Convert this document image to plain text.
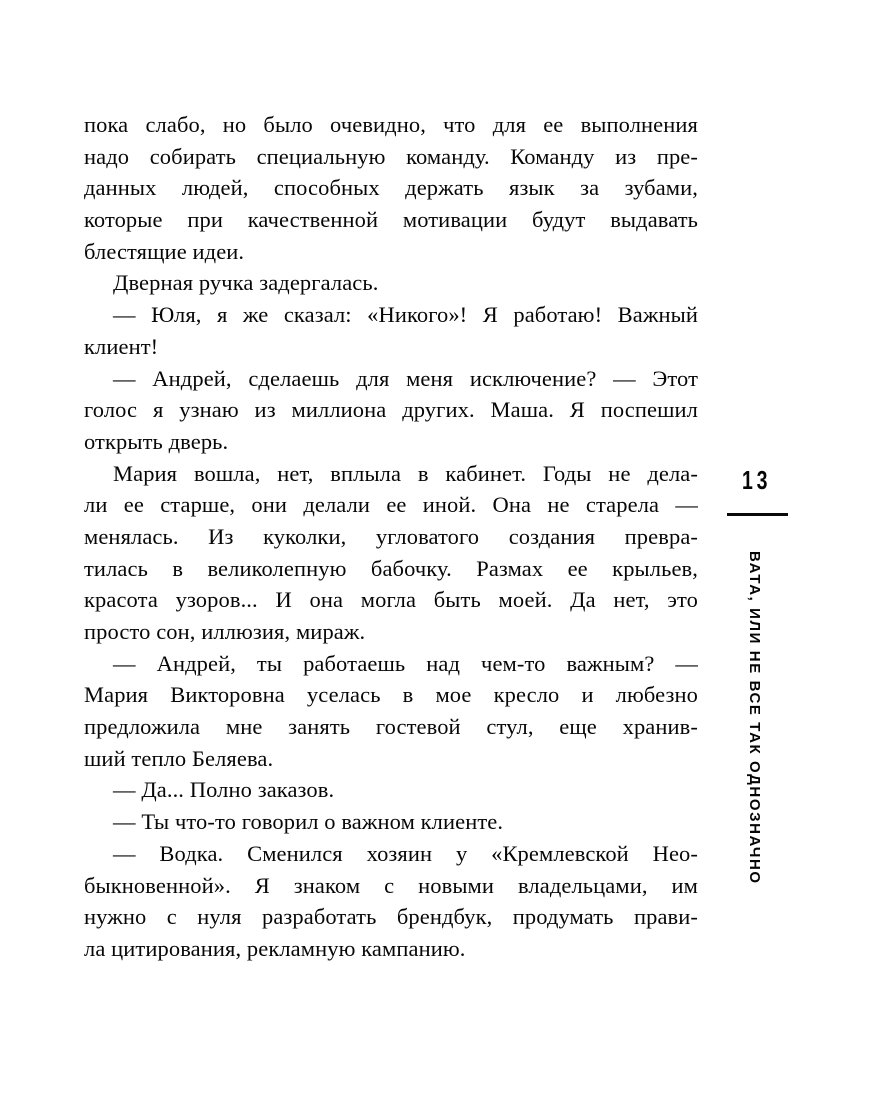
пока слабо, но было очевидно, что для ее выполнения
надо собирать специальную команду. Команду из пре-
данных людей, способных держать язык за зубами,
которые при качественной мотивации будут выдавать
блестящие идеи.
Дверная ручка задергалась.
— Юля, я же сказал: «Никого»! Я работаю! Важный
клиент!
— Андрей, сделаешь для меня исключение? — Этот
голос я узнаю из миллиона других. Маша. Я поспешил
открыть дверь.
Мария вошла, нет, вплыла в кабинет. Годы не дела-
ли ее старше, они делали ее иной. Она не старела —
менялась. Из куколки, угловатого создания превра-
тилась в великолепную бабочку. Размах ее крыльев,
красота узоров... И она могла быть моей. Да нет, это
просто сон, иллюзия, мираж.
— Андрей, ты работаешь над чем-то важным? —
Мария Викторовна уселась в мое кресло и любезно
предложила мне занять гостевой стул, еще хранив-
ший тепло Беляева.
— Да... Полно заказов.
— Ты что-то говорил о важном клиенте.
— Водка. Сменился хозяин у «Кремлевской Нео-
быкновенной». Я знаком с новыми владельцами, им
нужно с нуля разработать брендбук, продумать прави-
ла цитирования, рекламную кампанию.
13
ВАТА, ИЛИ НЕ ВСЕ ТАК ОДНОЗНАЧНО
